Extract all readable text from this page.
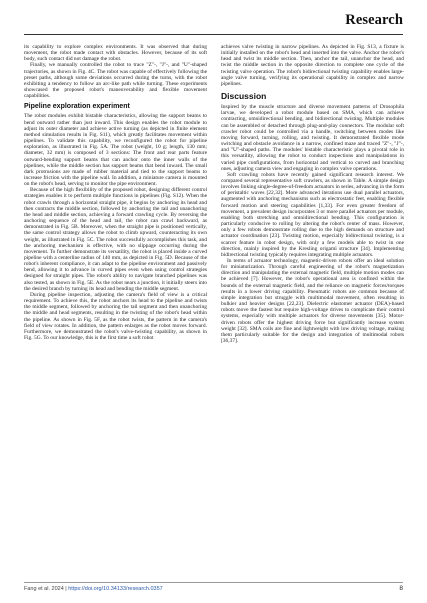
Research

its capability to explore complex environments. It was observed that during movement, the robot made contact with obstacles. However, because of its soft body, such contact did not damage the robot.

Finally, we manually controlled the robot to trace "Z"-, "J"-, and "U"-shaped trajectories, as shown in Fig. 4C. The robot was capable of effectively following the preset paths, although some deviations occurred during the turns, with the robot exhibiting a tendency to follow an arc-like path while turning. These experiments showcased the proposed robot's maneuverability and flexible movement capabilities.

Pipeline exploration experiment

The robot modules exhibit bistable characteristics, allowing the support beams to bend outward rather than just inward. This design enables the robot module to adjust its outer diameter and achieve active turning (as depicted in finite element method simulation results in Fig. S11), which greatly facilitates movement within pipelines. To validate this capability, we reconfigured the robot for pipeline exploration, as illustrated in Fig. 5A. The robot (weight, 10 g; length, 130 mm; diameter, 32 mm) is composed of 3 sections: The front and rear parts feature outward-bending support beams that can anchor onto the inner walls of the pipelines, while the middle section has support beams that bend inward. The small dark protrusions are made of rubber material and tied to the support beams to increase friction with the pipeline wall. In addition, a miniature camera is mounted on the robot's head, serving to monitor the pipe environment.

Because of the high flexibility of the proposed robot, designing different control strategies enables it to perform multiple functions in pipelines (Fig. S12). When the robot crawls through a horizontal straight pipe, it begins by anchoring its head and then contracts the middle section, followed by anchoring the tail and unanchoring the head and middle section, achieving a forward crawling cycle. By reversing the anchoring sequence of the head and tail, the robot can crawl backward, as demonstrated in Fig. 5B. Moreover, when the straight pipe is positioned vertically, the same control strategy allows the robot to climb upward, counteracting its own weight, as illustrated in Fig. 5C. The robot successfully accomplishes this task, and the anchoring mechanism is effective, with no slippage occurring during the movement. To further demonstrate its versatility, the robot is placed inside a curved pipeline with a centerline radius of 140 mm, as depicted in Fig. 5D. Because of the robot's inherent compliance, it can adapt to the pipeline environment and passively bend, allowing it to advance in curved pipes even when using control strategies designed for straight pipes. The robot's ability to navigate branched pipelines was also tested, as shown in Fig. 5E. As the robot nears a junction, it initially steers into the desired branch by turning its head and bending the middle segment.

During pipeline inspection, adjusting the camera's field of view is a critical requirement. To achieve this, the robot anchors its head to the pipeline and twists the middle segment, followed by anchoring the tail segment and then unanchoring the middle and head segments, resulting in the twisting of the robot's head within the pipeline. As shown in Fig. 5F, as the robot twists, the pattern in the camera's field of view rotates. In addition, the pattern enlarges as the robot moves forward. Furthermore, we demonstrated the robot's valve-twisting capability, as shown in Fig. 5G. To our knowledge, this is the first time a soft robot

achieves valve twisting in narrow pipelines. As depicted in Fig. S13, a fixture is initially installed on the robot's head and inserted into the valve. Anchor the robot's head and twist its middle section. Then, anchor the tail, unanchor the head, and twist the middle section in the opposite direction to complete one cycle of the twisting valve operation. The robot's bidirectional twisting capability enables large-angle valve turning, verifying its operational capability in complex and narrow pipelines.

Discussion

Inspired by the muscle structure and diverse movement patterns of Drosophila larvae, we developed a robot module based on SMA, which can achieve contracting, omnidirectional bending, and bidirectional twisting. Multiple modules can be assembled or detached through plug-and-play connectors. The modular soft crawler robot could be controlled via a handle, switching between modes like moving forward, turning, rolling, and twisting. It demonstrated flexible mode switching and obstacle avoidance in a narrow, confined maze and traced "Z"-, "J"-, and "U"-shaped paths. The modules' bistable characteristic plays a pivotal role in this versatility, allowing the robot to conduct inspections and manipulations in varied pipe configurations, from horizontal and vertical to curved and branching ones, adjusting camera view and engaging in complex valve operations.

Soft crawling robots have recently gained significant research interest. We compared several representative soft crawlers, as shown in Table. A simple design involves linking single-degree-of-freedom actuators in series, advancing in the form of peristaltic waves [22,32]. More advanced iterations use dual parallel actuators, augmented with anchoring mechanisms such as electrostatic feet, enabling flexible forward motion and steering capabilities [1,33]. For even greater freedom of movement, a prevalent design incorporates 3 or more parallel actuators per module, enabling both stretching and omnidirectional bending. This configuration is particularly conducive to rolling by altering the robot's center of mass. However, only a few robots demonstrate rolling due to the high demands on structure and actuator coordination [23]. Twisting motion, especially bidirectional twisting, is a scarcer feature in robot design, with only a few models able to twist in one direction, mainly inspired by the Kresling origami structure [34]. Implementing bidirectional twisting typically requires integrating multiple actuators.

In terms of actuator technology, magnetic-driven robots offer an ideal solution for miniaturization. Through careful engineering of the robot's magnetization direction and manipulating the external magnetic field, multiple motion modes can be achieved [7]. However, the robot's operational area is confined within the bounds of the external magnetic field, and the reliance on magnetic forces/torques results in a lower driving capability. Pneumatic robots are common because of simple integration but struggle with multimodal movement, often resulting in bulkier and heavier designs [22,23]. Dielectric elastomer actuator (DEA)-based robots move the fastest but require high-voltage drives to complicate their control systems, especially with multiple actuators for diverse movements [35]. Motor-driven robots offer the highest driving force but significantly increase system weight [32]. SMA coils are fine and lightweight with low driving voltage, making them particularly suitable for the design and integration of multimodal robots [36,37].

Fang et al. 2024 | https://doi.org/10.34133/research.0357	8
